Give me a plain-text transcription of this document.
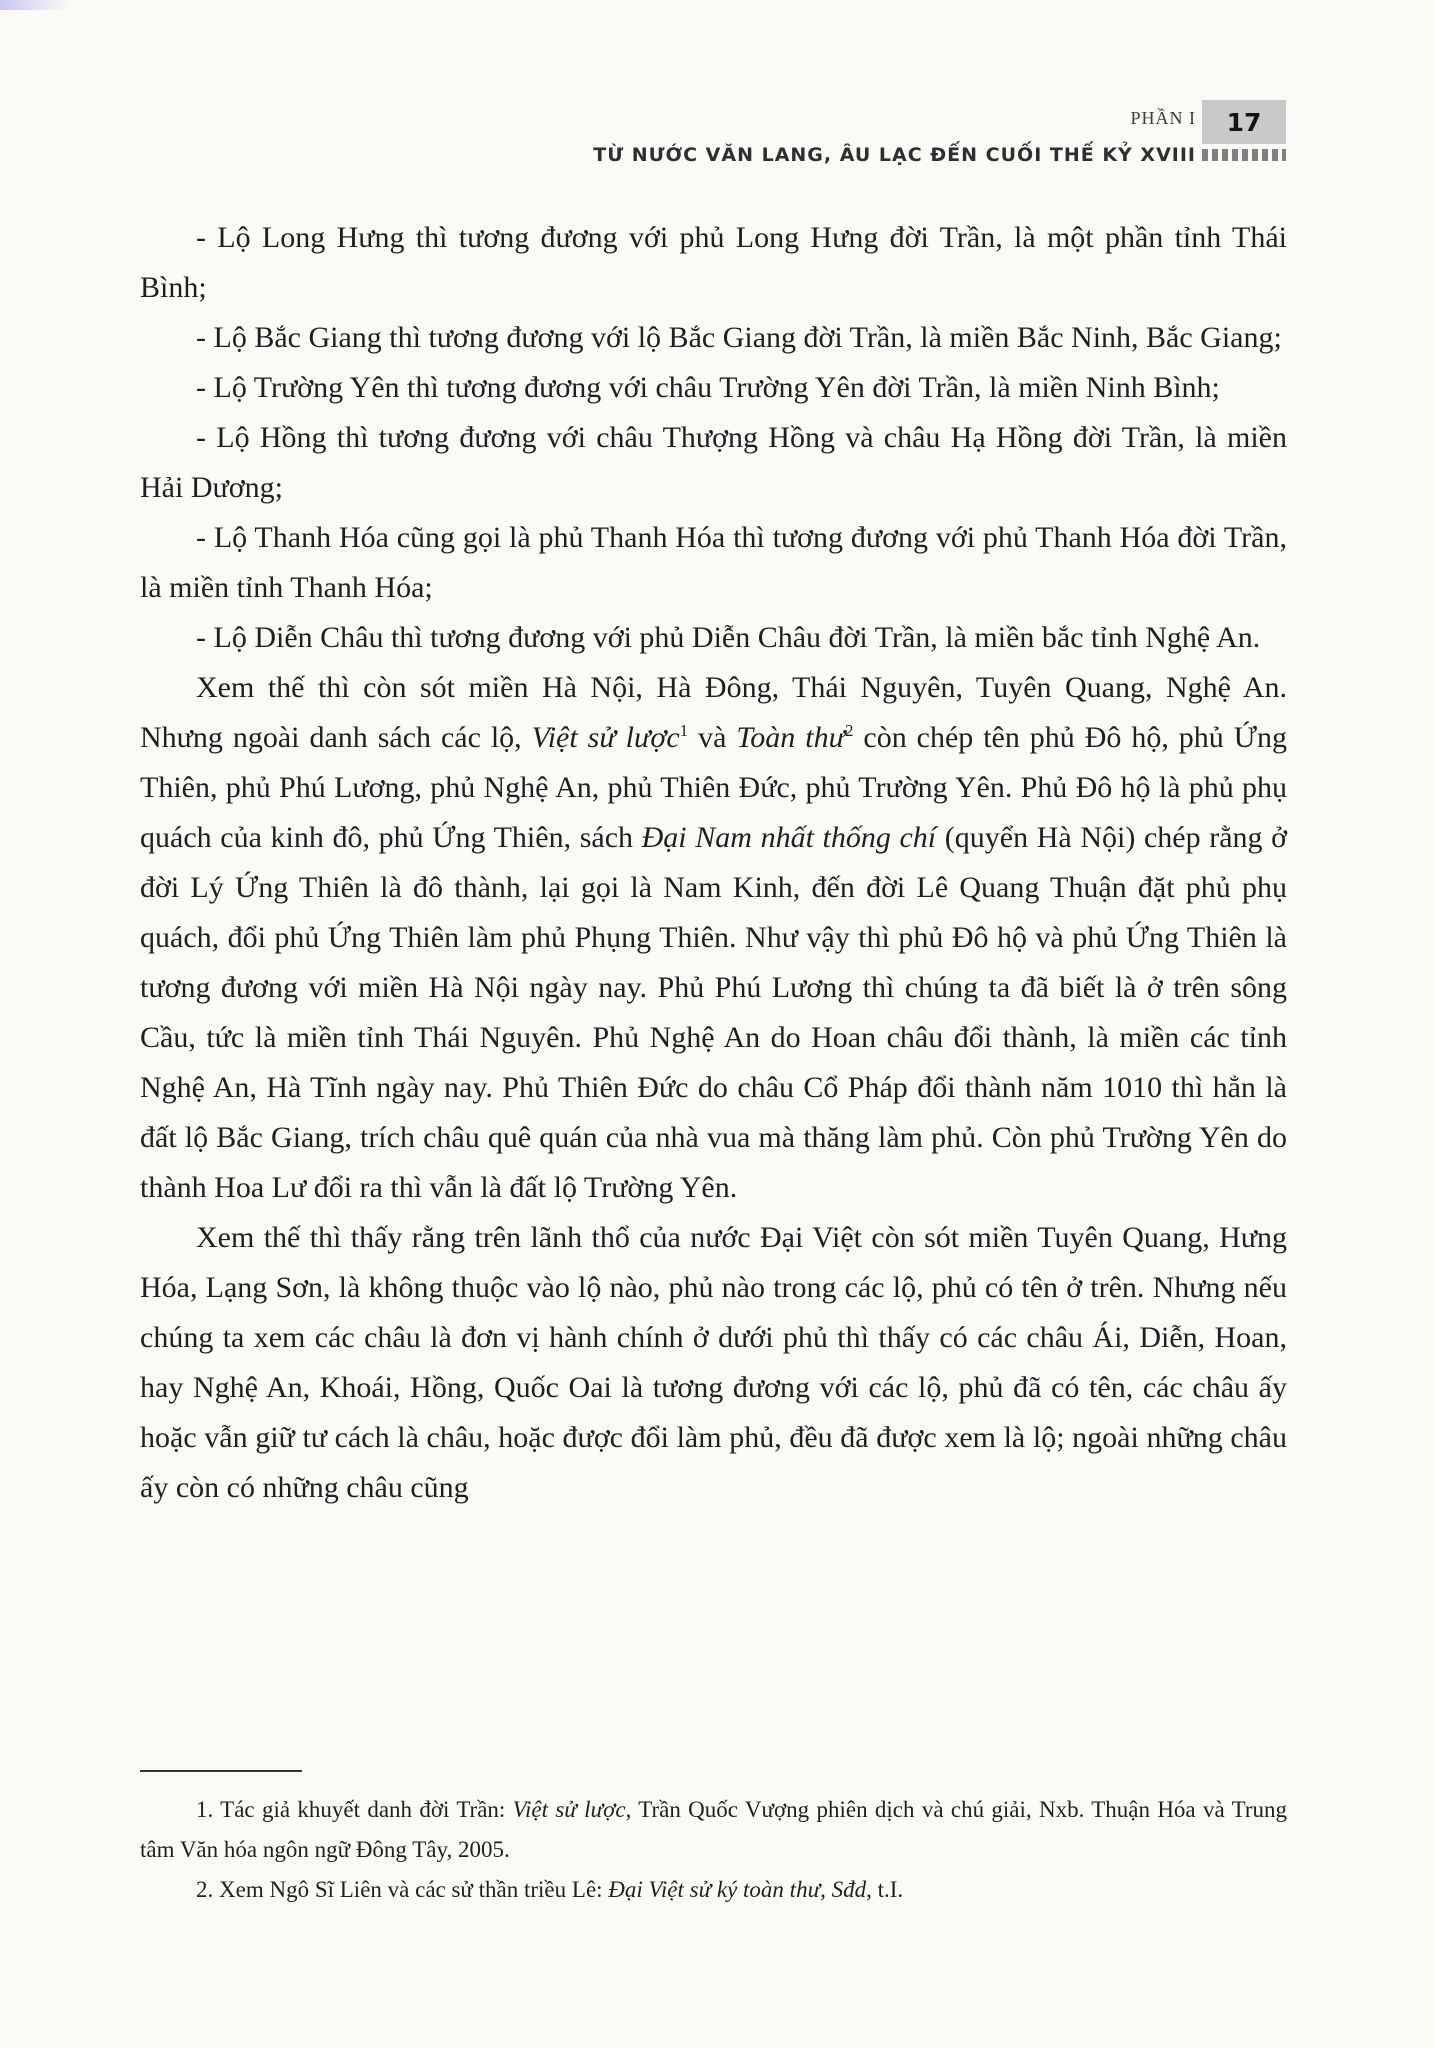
PHẦN I
TỪ NƯỚC VĂN LANG, ÂU LẠC ĐẾN CUỐI THẾ KỶ XVIII
17

- Lộ Long Hưng thì tương đương với phủ Long Hưng đời Trần, là một phần tỉnh Thái Bình;

- Lộ Bắc Giang thì tương đương với lộ Bắc Giang đời Trần, là miền Bắc Ninh, Bắc Giang;

- Lộ Trường Yên thì tương đương với châu Trường Yên đời Trần, là miền Ninh Bình;

- Lộ Hồng thì tương đương với châu Thượng Hồng và châu Hạ Hồng đời Trần, là miền Hải Dương;

- Lộ Thanh Hóa cũng gọi là phủ Thanh Hóa thì tương đương với phủ Thanh Hóa đời Trần, là miền tỉnh Thanh Hóa;

- Lộ Diễn Châu thì tương đương với phủ Diễn Châu đời Trần, là miền bắc tỉnh Nghệ An.

Xem thế thì còn sót miền Hà Nội, Hà Đông, Thái Nguyên, Tuyên Quang, Nghệ An. Nhưng ngoài danh sách các lộ, Việt sử lược$^1$ và Toàn thư$^2$ còn chép tên phủ Đô hộ, phủ Ứng Thiên, phủ Phú Lương, phủ Nghệ An, phủ Thiên Đức, phủ Trường Yên. Phủ Đô hộ là phủ phụ quách của kinh đô, phủ Ứng Thiên, sách Đại Nam nhất thống chí (quyển Hà Nội) chép rằng ở đời Lý Ứng Thiên là đô thành, lại gọi là Nam Kinh, đến đời Lê Quang Thuận đặt phủ phụ quách, đổi phủ Ứng Thiên làm phủ Phụng Thiên. Như vậy thì phủ Đô hộ và phủ Ứng Thiên là tương đương với miền Hà Nội ngày nay. Phủ Phú Lương thì chúng ta đã biết là ở trên sông Cầu, tức là miền tỉnh Thái Nguyên. Phủ Nghệ An do Hoan châu đổi thành, là miền các tỉnh Nghệ An, Hà Tĩnh ngày nay. Phủ Thiên Đức do châu Cổ Pháp đổi thành năm 1010 thì hẳn là đất lộ Bắc Giang, trích châu quê quán của nhà vua mà thăng làm phủ. Còn phủ Trường Yên do thành Hoa Lư đổi ra thì vẫn là đất lộ Trường Yên.

Xem thế thì thấy rằng trên lãnh thổ của nước Đại Việt còn sót miền Tuyên Quang, Hưng Hóa, Lạng Sơn, là không thuộc vào lộ nào, phủ nào trong các lộ, phủ có tên ở trên. Nhưng nếu chúng ta xem các châu là đơn vị hành chính ở dưới phủ thì thấy có các châu Ái, Diễn, Hoan, hay Nghệ An, Khoái, Hồng, Quốc Oai là tương đương với các lộ, phủ đã có tên, các châu ấy hoặc vẫn giữ tư cách là châu, hoặc được đổi làm phủ, đều đã được xem là lộ; ngoài những châu ấy còn có những châu cũng

1. Tác giả khuyết danh đời Trần: Việt sử lược, Trần Quốc Vượng phiên dịch và chú giải, Nxb. Thuận Hóa và Trung tâm Văn hóa ngôn ngữ Đông Tây, 2005.

2. Xem Ngô Sĩ Liên và các sử thần triều Lê: Đại Việt sử ký toàn thư, Sđd, t.I.
